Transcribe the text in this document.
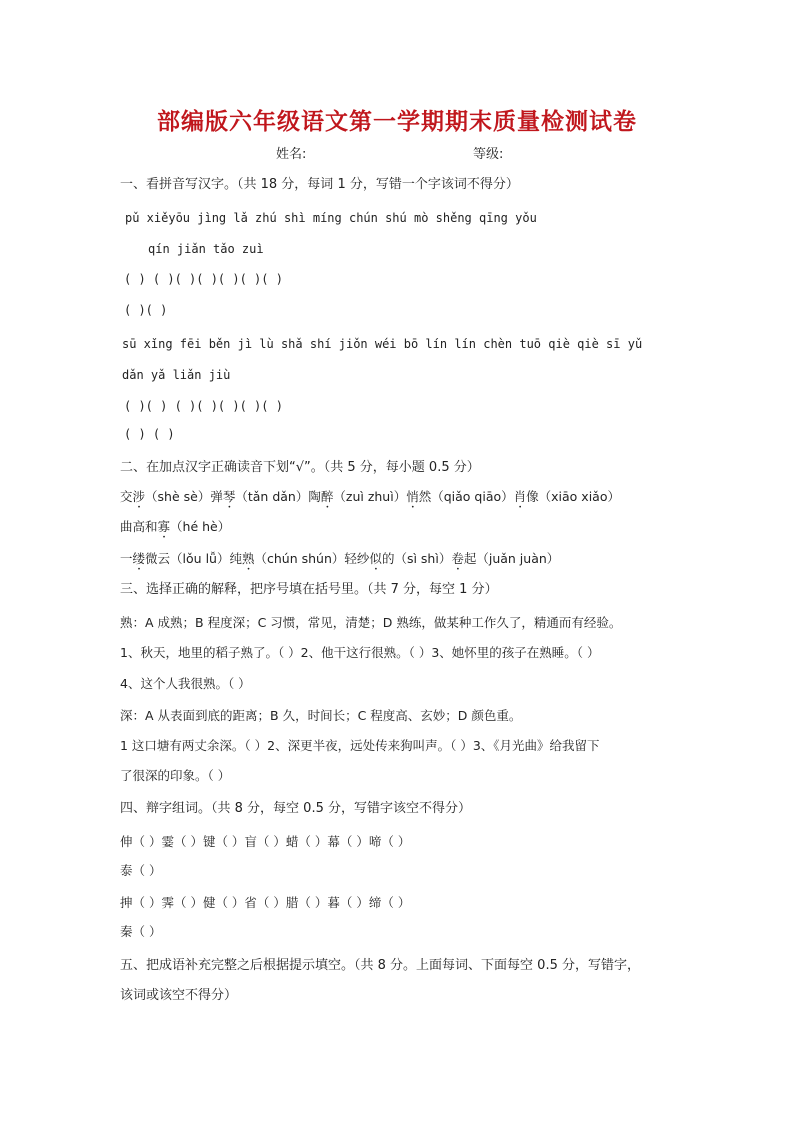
部编版六年级语文第一学期期末质量检测试卷
姓名:	等级:
一、看拼音写汉字。（共 18 分，每词 1 分，写错一个字该词不得分）
pǔ xiěyōu jìng lǎ zhú shì míng chún shú mò shěng qīng yǒu
qín jiǎn tǎo zuì
( ) ( )( )( )( )( )( )
( )( )
sū xǐng fēi běn jì lù shǎ shí jiǒn wéi bō lín lín chèn tuō qiè qiè sī yǔ
dǎn yǎ liǎn jiù
( )( ) ( )( )( )( )( )
( ) ( )
二、在加点汉字正确读音下划“√”。（共 5 分，每小题 0.5 分）
交涉（shè sè）弹琴（tǎn dǎn）陶醉（zuì zhuì）悄然（qiǎo qiāo）肖像（xiāo xiǎo）
曲高和寡（hé hè）
一缕微云（lǒu lǚ）纯熟（chún shún）轻纱似的（sì shì）卷起（juǎn juàn）
三、选择正确的解释，把序号填在括号里。（共 7 分，每空 1 分）
熟：A 成熟；B 程度深；C 习惯，常见，清楚；D 熟练，做某种工作久了，精通而有经验。
1、秋天，地里的稻子熟了。（ ）2、他干这行很熟。（ ）3、她怀里的孩子在熟睡。（ ）
4、这个人我很熟。（ ）
深：A 从表面到底的距离；B 久，时间长；C 程度高、玄妙；D 颜色重。
1 这口塘有两丈余深。（ ）2、深更半夜，远处传来狗叫声。（ ）3、《月光曲》给我留下
了很深的印象。（ ）
四、辩字组词。（共 8 分，每空 0.5 分，写错字该空不得分）
伸（ ）霎（ ）键（ ）盲（ ）蜡（ ）幕（ ）啼（ ）
泰（ ）
抻（ ）霁（ ）健（ ）省（ ）腊（ ）暮（ ）缔（ ）
秦（ ）
五、把成语补充完整之后根据提示填空。（共 8 分。上面每词、下面每空 0.5 分，写错字，
该词或该空不得分）
